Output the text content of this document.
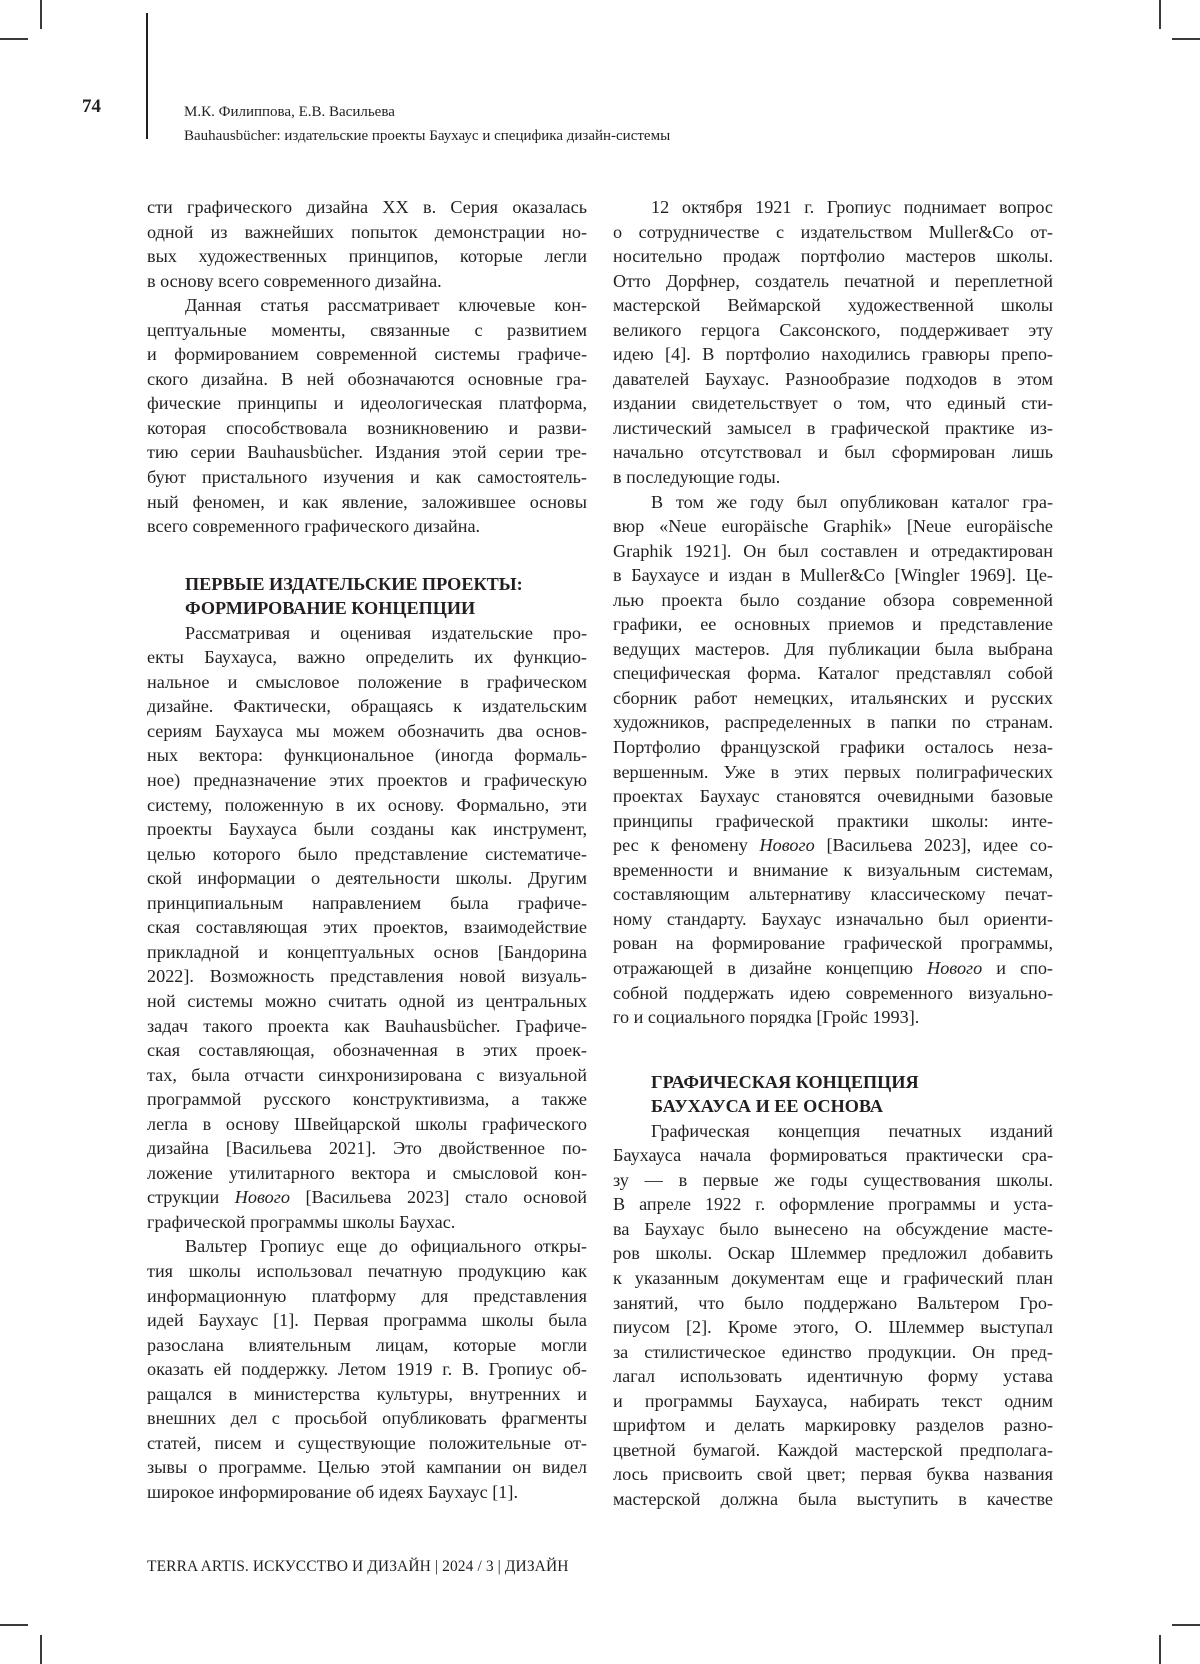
74	М.К. Филиппова, Е.В. Васильева
Bauhausbücher: издательские проекты Баухаус и специфика дизайн-системы
сти графического дизайна XX в. Серия оказалась
одной из важнейших попыток демонстрации но-
вых художественных принципов, которые легли
в основу всего современного дизайна.
Данная статья рассматривает ключевые кон-
цептуальные моменты, связанные с развитием
и формированием современной системы графиче-
ского дизайна. В ней обозначаются основные гра-
фические принципы и идеологическая платформа,
которая способствовала возникновению и разви-
тию серии Bauhausbücher. Издания этой серии тре-
буют пристального изучения и как самостоятель-
ный феномен, и как явление, заложившее основы
всего современного графического дизайна.
ПЕРВЫЕ ИЗДАТЕЛЬСКИЕ ПРОЕКТЫ:
ФОРМИРОВАНИЕ КОНЦЕПЦИИ
Рассматривая и оценивая издательские про-
екты Баухауса, важно определить их функцио-
нальное и смысловое положение в графическом
дизайне. Фактически, обращаясь к издательским
сериям Баухауса мы можем обозначить два основ-
ных вектора: функциональное (иногда формаль-
ное) предназначение этих проектов и графическую
систему, положенную в их основу. Формально, эти
проекты Баухауса были созданы как инструмент,
целью которого было представление систематиче-
ской информации о деятельности школы. Другим
принципиальным направлением была графиче-
ская составляющая этих проектов, взаимодействие
прикладной и концептуальных основ [Бандорина
2022]. Возможность представления новой визуаль-
ной системы можно считать одной из центральных
задач такого проекта как Bauhausbücher. Графиче-
ская составляющая, обозначенная в этих проек-
тах, была отчасти синхронизирована с визуальной
программой русского конструктивизма, а также
легла в основу Швейцарской школы графического
дизайна [Васильева 2021]. Это двойственное по-
ложение утилитарного вектора и смысловой кон-
струкции Нового [Васильева 2023] стало основой
графической программы школы Баухас.
Вальтер Гропиус еще до официального откры-
тия школы использовал печатную продукцию как
информационную платформу для представления
идей Баухаус [1]. Первая программа школы была
разослана влиятельным лицам, которые могли
оказать ей поддержку. Летом 1919 г. В. Гропиус об-
ращался в министерства культуры, внутренних и
внешних дел с просьбой опубликовать фрагменты
статей, писем и существующие положительные от-
зывы о программе. Целью этой кампании он видел
широкое информирование об идеях Баухаус [1].
12 октября 1921 г. Гропиус поднимает вопрос
о сотрудничестве с издательством Muller&Co от-
носительно продаж портфолио мастеров школы.
Отто Дорфнер, создатель печатной и переплетной
мастерской Веймарской художественной школы
великого герцога Саксонского, поддерживает эту
идею [4]. В портфолио находились гравюры препо-
давателей Баухаус. Разнообразие подходов в этом
издании свидетельствует о том, что единый сти-
листический замысел в графической практике из-
начально отсутствовал и был сформирован лишь
в последующие годы.
В том же году был опубликован каталог гра-
вюр «Neue europäische Graphik» [Neue europäische
Graphik 1921]. Он был составлен и отредактирован
в Баухаусе и издан в Muller&Co [Wingler 1969]. Це-
лью проекта было создание обзора современной
графики, ее основных приемов и представление
ведущих мастеров. Для публикации была выбрана
специфическая форма. Каталог представлял собой
сборник работ немецких, итальянских и русских
художников, распределенных в папки по странам.
Портфолио французской графики осталось неза-
вершенным. Уже в этих первых полиграфических
проектах Баухаус становятся очевидными базовые
принципы графической практики школы: инте-
рес к феномену Нового [Васильева 2023], идее со-
временности и внимание к визуальным системам,
составляющим альтернативу классическому печат-
ному стандарту. Баухаус изначально был ориенти-
рован на формирование графической программы,
отражающей в дизайне концепцию Нового и спо-
собной поддержать идею современного визуально-
го и социального порядка [Гройс 1993].
ГРАФИЧЕСКАЯ КОНЦЕПЦИЯ
БАУХАУСА И ЕЕ ОСНОВА
Графическая концепция печатных изданий
Баухауса начала формироваться практически сра-
зу — в первые же годы существования школы.
В апреле 1922 г. оформление программы и уста-
ва Баухаус было вынесено на обсуждение масте-
ров школы. Оскар Шлеммер предложил добавить
к указанным документам еще и графический план
занятий, что было поддержано Вальтером Гро-
пиусом [2]. Кроме этого, О. Шлеммер выступал
за стилистическое единство продукции. Он пред-
лагал использовать идентичную форму устава
и программы Баухауса, набирать текст одним
шрифтом и делать маркировку разделов разно-
цветной бумагой. Каждой мастерской предполага-
лось присвоить свой цвет; первая буква названия
мастерской должна была выступить в качестве
TERRA ARTIS. ИСКУССТВО И ДИЗАЙН | 2024 / 3 | ДИЗАЙН
